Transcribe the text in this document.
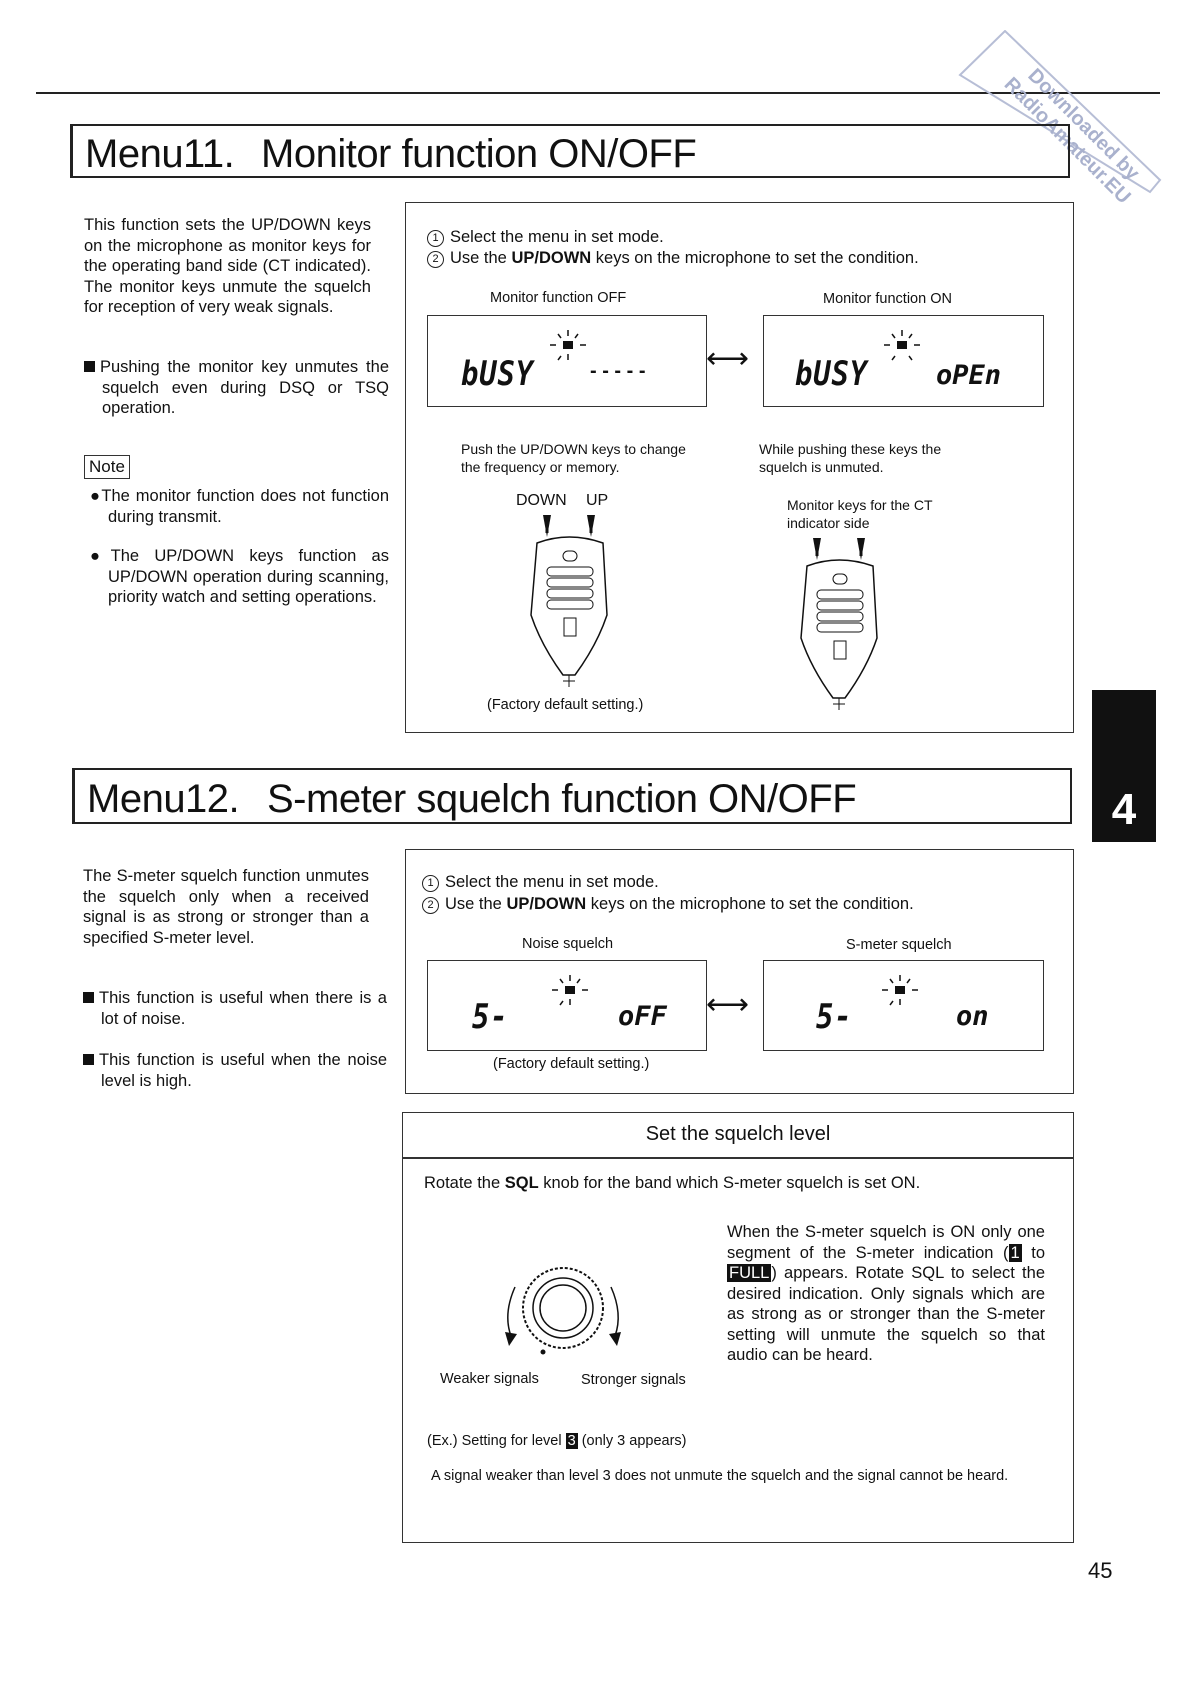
Downloaded by RadioAmateur.EU
4
Menu11. Monitor function ON/OFF
This function sets the UP/DOWN keys on the microphone as monitor keys for the operating band side (CT indicated). The monitor keys unmute the squelch for reception of very weak signals.
Pushing the monitor key unmutes the squelch even during DSQ or TSQ operation.
Note
●The monitor function does not function during transmit.
●The UP/DOWN keys function as UP/DOWN operation during scanning, priority watch and setting operations.
1 Select the menu in set mode.
2 Use the UP/DOWN keys on the microphone to set the condition.
Monitor function OFF	Monitor function ON
bUSY	- - - - - ⟷ bUSY	oPEn
Push the UP/DOWN keys to change the frequency or memory.
While pushing these keys the squelch is unmuted.
DOWN UP	Monitor keys for the CT indicator side
(Factory default setting.)
Menu12. S-meter squelch function ON/OFF
The S-meter squelch function unmutes the squelch only when a received signal is as strong or stronger than a specified S-meter level.
This function is useful when there is a lot of noise.
This function is useful when the noise level is high.
1 Select the menu in set mode.
2 Use the UP/DOWN keys on the microphone to set the condition.
Noise squelch	S-meter squelch
5-	oFF ⟷ 5-	on
(Factory default setting.)
Set the squelch level
Rotate the SQL knob for the band which S-meter squelch is set ON.
Weaker signals	Stronger signals
When the S-meter squelch is ON only one segment of the S-meter indication ( 1 to FULL ) appears. Rotate SQL to select the desired indication. Only signals which are as strong as or stronger than the S-meter setting will unmute the squelch so that audio can be heard.
(Ex.) Setting for level 3 (only 3 appears)
A signal weaker than level 3 does not unmute the squelch and the signal cannot be heard.
45
